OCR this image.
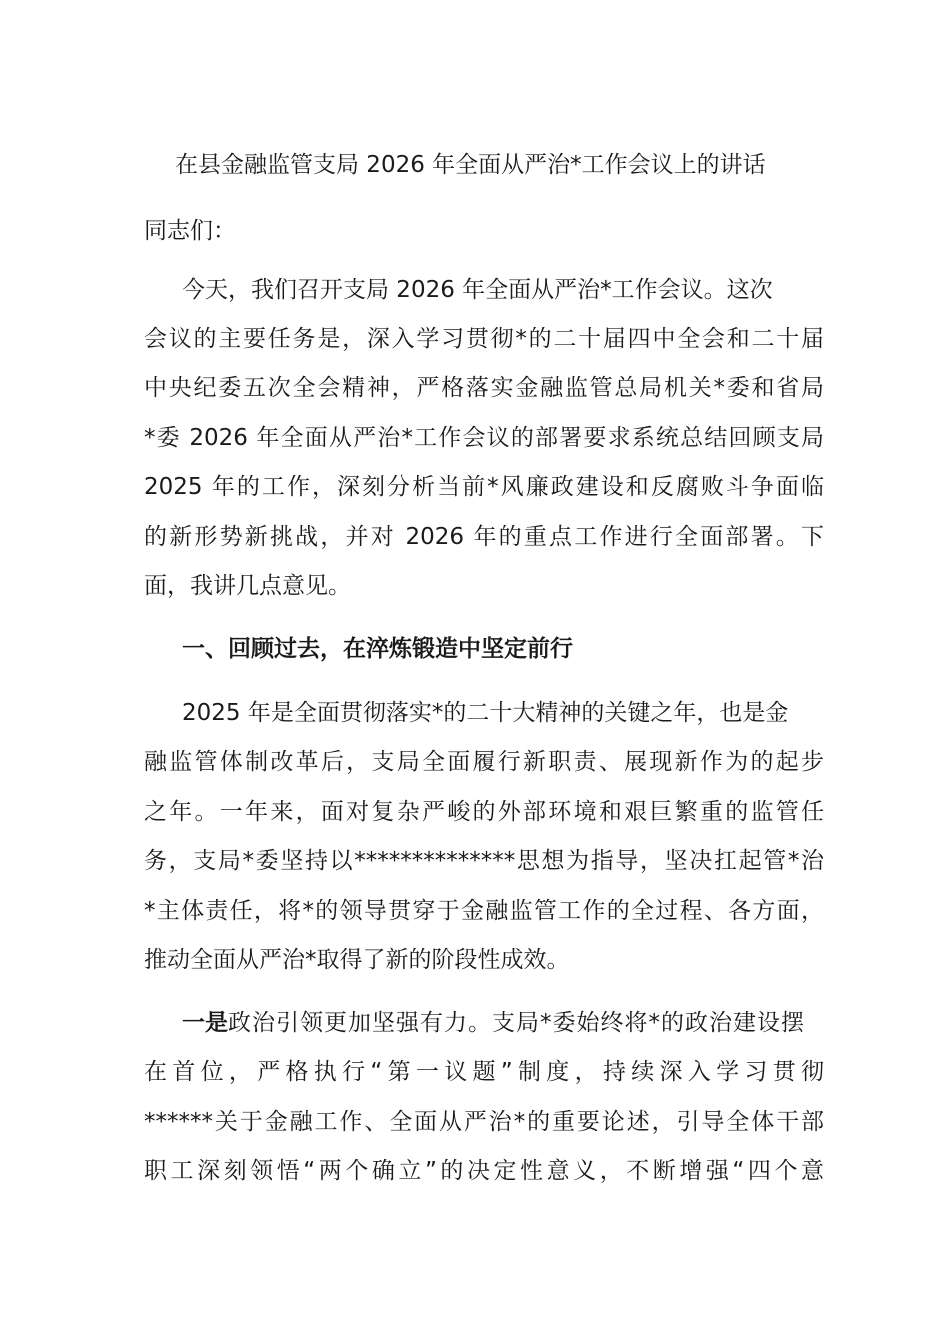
在县金融监管支局 2026 年全面从严治*工作会议上的讲话
同志们：
今天，我们召开支局 2026 年全面从严治*工作会议。这次
会议的主要任务是，深入学习贯彻*的二十届四中全会和二十届
中央纪委五次全会精神，严格落实金融监管总局机关*委和省局
*委 2026 年全面从严治*工作会议的部署要求系统总结回顾支局
2025 年的工作，深刻分析当前*风廉政建设和反腐败斗争面临
的新形势新挑战，并对 2026 年的重点工作进行全面部署。下
面，我讲几点意见。
一、回顾过去，在淬炼锻造中坚定前行
2025 年是全面贯彻落实*的二十大精神的关键之年，也是金
融监管体制改革后，支局全面履行新职责、展现新作为的起步
之年。一年来，面对复杂严峻的外部环境和艰巨繁重的监管任
务，支局*委坚持以**************思想为指导，坚决扛起管*治
*主体责任，将*的领导贯穿于金融监管工作的全过程、各方面，
推动全面从严治*取得了新的阶段性成效。
一是 政治引领更加坚强有力。支局*委始终将*的政治建设摆
在首位，严格执行“第一议题”制度，持续深入学习贯彻
******关于金融工作、全面从严治*的重要论述，引导全体干部
职工深刻领悟“两个确立”的决定性意义，不断增强“四个意
